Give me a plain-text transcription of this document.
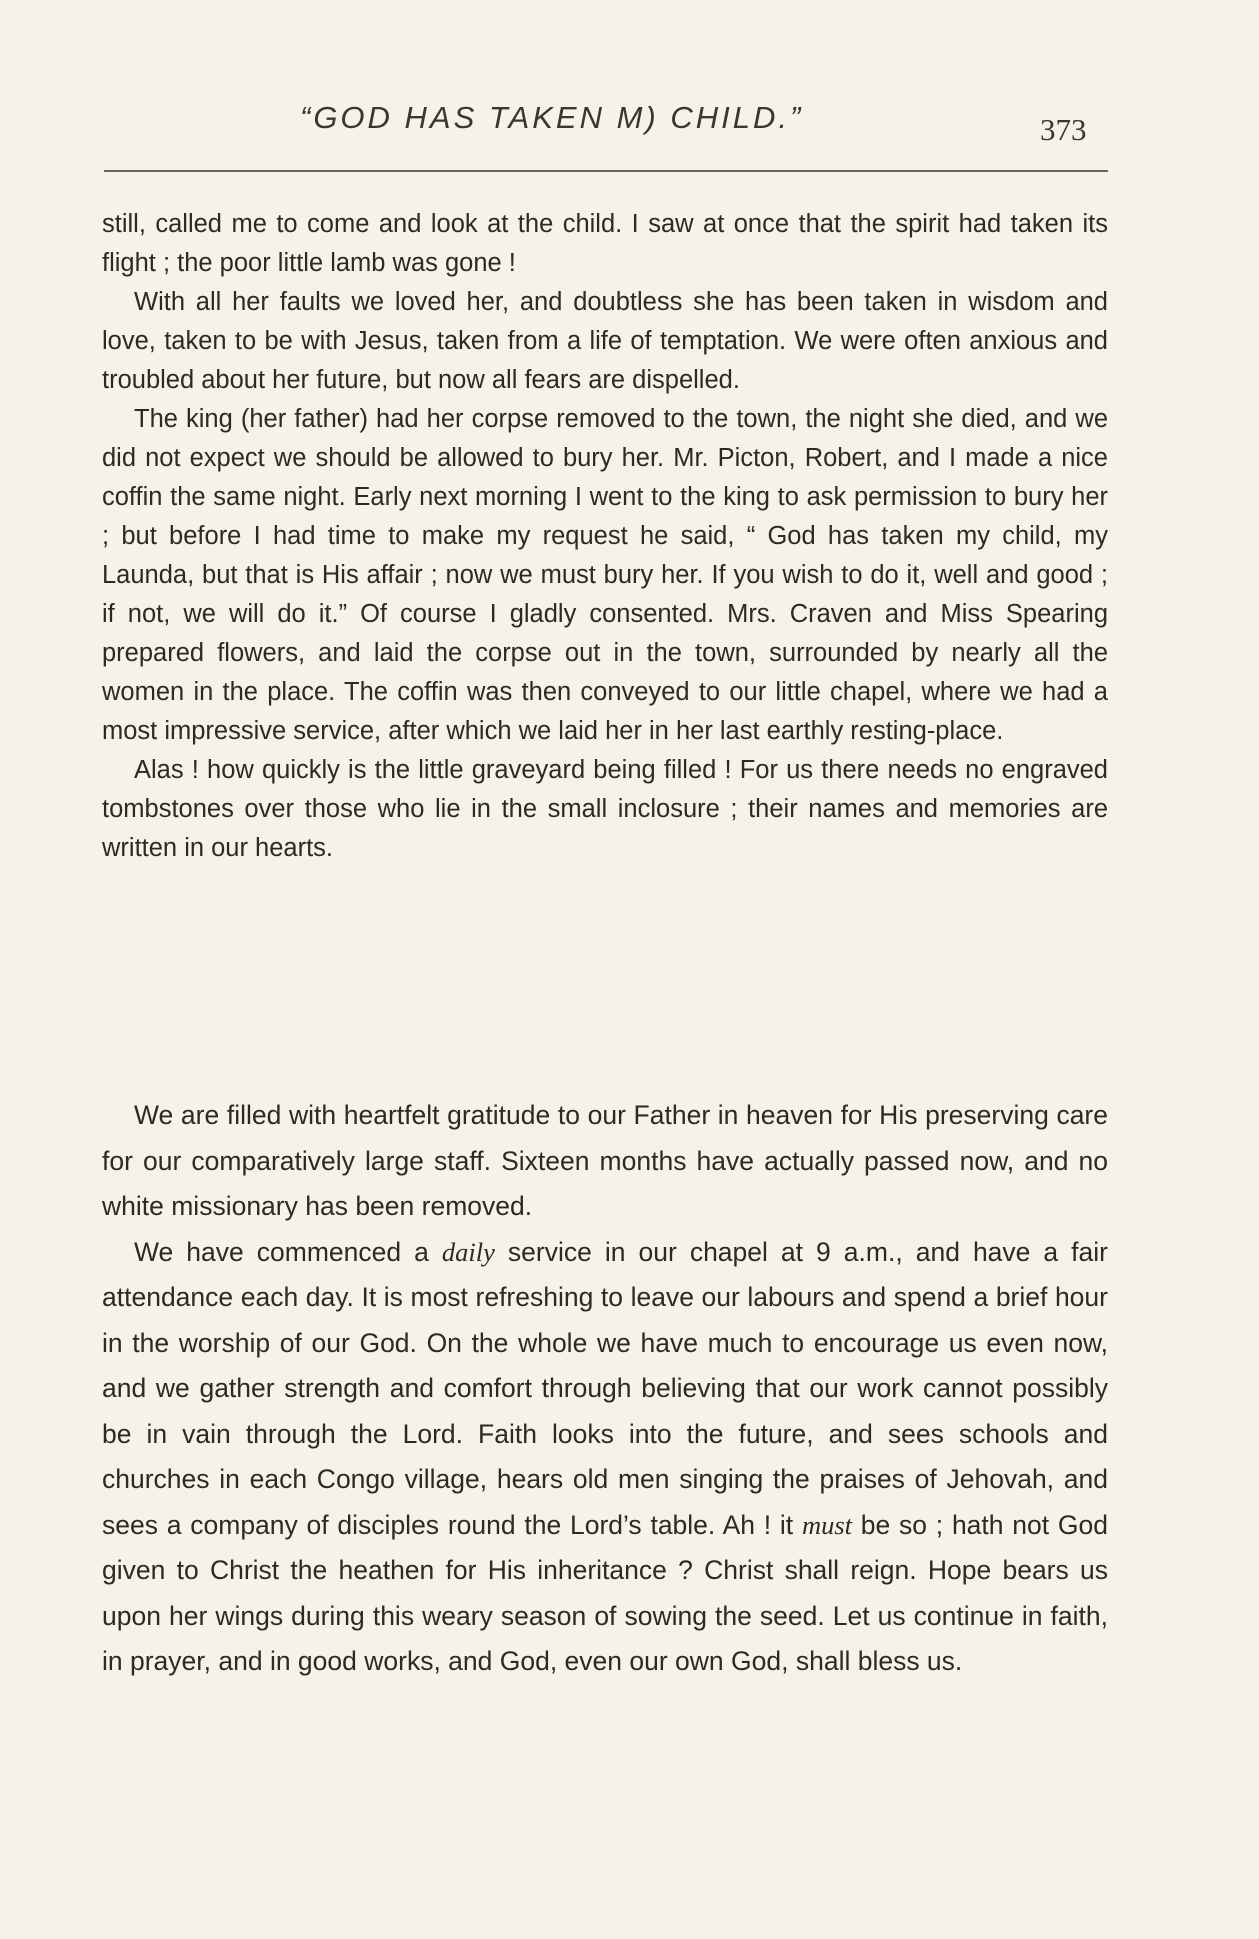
“GOD HAS TAKEN M) CHILD.”	373

still, called me to come and look at the child. I saw at once that the spirit had taken its flight ; the poor little lamb was gone !

With all her faults we loved her, and doubtless she has been taken in wisdom and love, taken to be with Jesus, taken from a life of temptation. We were often anxious and troubled about her future, but now all fears are dispelled.

The king (her father) had her corpse removed to the town, the night she died, and we did not expect we should be allowed to bury her. Mr. Picton, Robert, and I made a nice coffin the same night. Early next morning I went to the king to ask permission to bury her ; but before I had time to make my request he said, “ God has taken my child, my Launda, but that is His affair ; now we must bury her. If you wish to do it, well and good ; if not, we will do it.” Of course I gladly consented. Mrs. Craven and Miss Spearing prepared flowers, and laid the corpse out in the town, surrounded by nearly all the women in the place. The coffin was then conveyed to our little chapel, where we had a most impressive service, after which we laid her in her last earthly resting-place.

Alas ! how quickly is the little graveyard being filled ! For us there needs no engraved tombstones over those who lie in the small inclosure ; their names and memories are written in our hearts.

We are filled with heartfelt gratitude to our Father in heaven for His preserving care for our comparatively large staff. Sixteen months have actually passed now, and no white missionary has been removed.

We have commenced a daily service in our chapel at 9 a.m., and have a fair attendance each day. It is most refreshing to leave our labours and spend a brief hour in the worship of our God. On the whole we have much to encourage us even now, and we gather strength and comfort through believing that our work cannot possibly be in vain through the Lord. Faith looks into the future, and sees schools and churches in each Congo village, hears old men singing the praises of Jehovah, and sees a company of disciples round the Lord’s table. Ah ! it must be so ; hath not God given to Christ the heathen for His inheritance ? Christ shall reign. Hope bears us upon her wings during this weary season of sowing the seed. Let us continue in faith, in prayer, and in good works, and God, even our own God, shall bless us.
